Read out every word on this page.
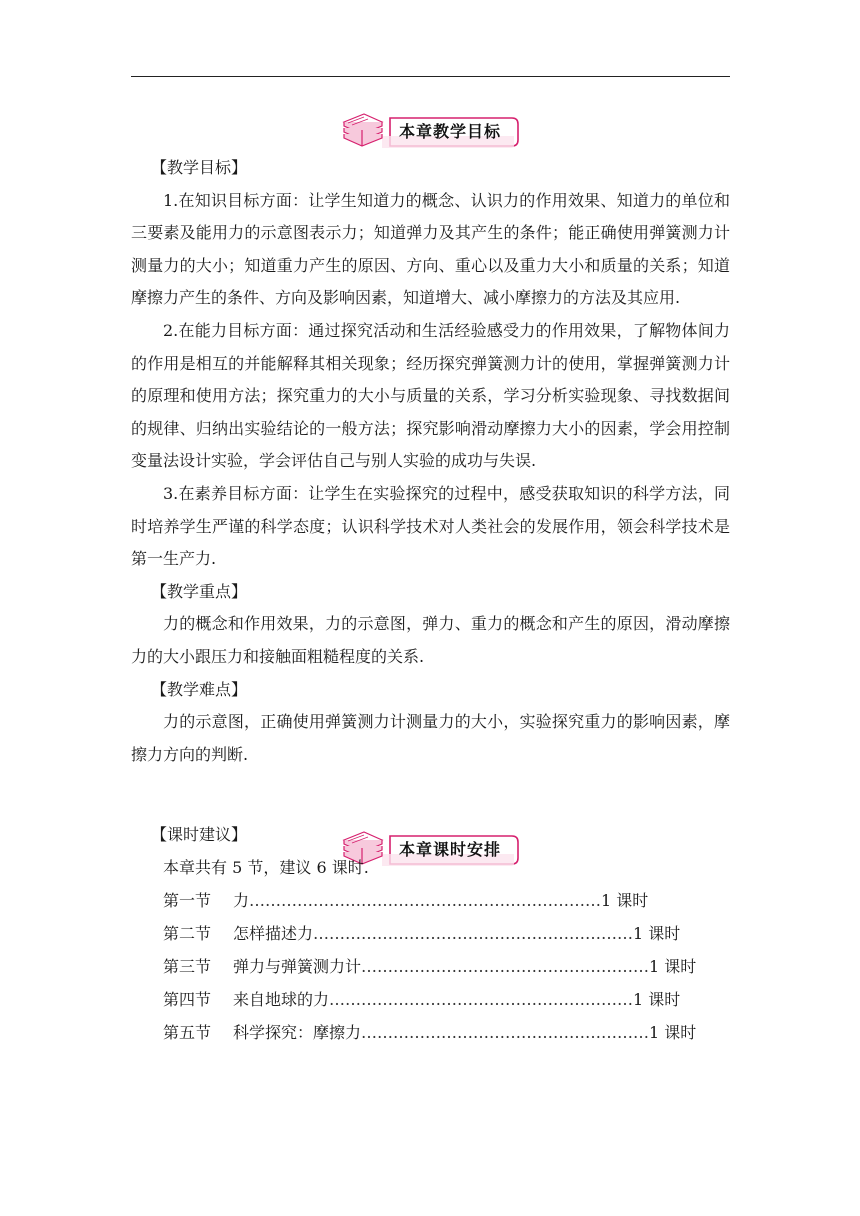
本章教学目标
本章课时安排
【教学目标】

1.在知识目标方面：让学生知道力的概念、认识力的作用效果、知道力的单位和三要素及能用力的示意图表示力；知道弹力及其产生的条件；能正确使用弹簧测力计测量力的大小；知道重力产生的原因、方向、重心以及重力大小和质量的关系；知道摩擦力产生的条件、方向及影响因素，知道增大、减小摩擦力的方法及其应用.

2.在能力目标方面：通过探究活动和生活经验感受力的作用效果，了解物体间力的作用是相互的并能解释其相关现象；经历探究弹簧测力计的使用，掌握弹簧测力计的原理和使用方法；探究重力的大小与质量的关系，学习分析实验现象、寻找数据间的规律、归纳出实验结论的一般方法；探究影响滑动摩擦力大小的因素，学会用控制变量法设计实验，学会评估自己与别人实验的成功与失误.

3.在素养目标方面：让学生在实验探究的过程中，感受获取知识的科学方法，同时培养学生严谨的科学态度；认识科学技术对人类社会的发展作用，领会科学技术是第一生产力.

【教学重点】

力的概念和作用效果，力的示意图，弹力、重力的概念和产生的原因，滑动摩擦力的大小跟压力和接触面粗糙程度的关系.

【教学难点】

力的示意图，正确使用弹簧测力计测量力的大小，实验探究重力的影响因素，摩擦力方向的判断.

【课时建议】
本章共有 5 节，建议 6 课时.
第一节	力 ………………………………………………………… 1 课时
第二节	怎样描述力 …………………………………………………… 1 课时
第三节	弹力与弹簧测力计 ……………………………………………… 1 课时
第四节	来自地球的力 ………………………………………………… 1 课时
第五节	科学探究：摩擦力 ……………………………………………… 1 课时
